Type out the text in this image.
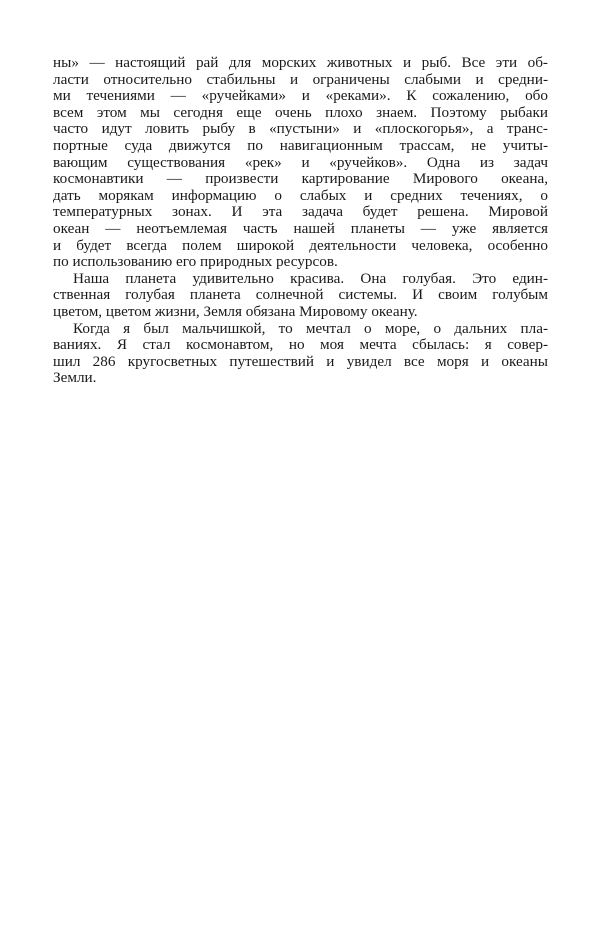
ны» — настоящий рай для морских животных и рыб. Все эти об-
ласти относительно стабильны и ограничены слабыми и средни-
ми течениями — «ручейками» и «реками». К сожалению, обо
всем этом мы сегодня еще очень плохо знаем. Поэтому рыбаки
часто идут ловить рыбу в «пустыни» и «плоскогорья», а транс-
портные суда движутся по навигационным трассам, не учиты-
вающим существования «рек» и «ручейков». Одна из задач
космонавтики — произвести картирование Мирового океана,
дать морякам информацию о слабых и средних течениях, о
температурных зонах. И эта задача будет решена. Мировой
океан — неотъемлемая часть нашей планеты — уже является
и будет всегда полем широкой деятельности человека, особенно
по использованию его природных ресурсов.
Наша планета удивительно красива. Она голубая. Это един-
ственная голубая планета солнечной системы. И своим голубым
цветом, цветом жизни, Земля обязана Мировому океану.
Когда я был мальчишкой, то мечтал о море, о дальних пла-
ваниях. Я стал космонавтом, но моя мечта сбылась: я совер-
шил 286 кругосветных путешествий и увидел все моря и океаны
Земли.
